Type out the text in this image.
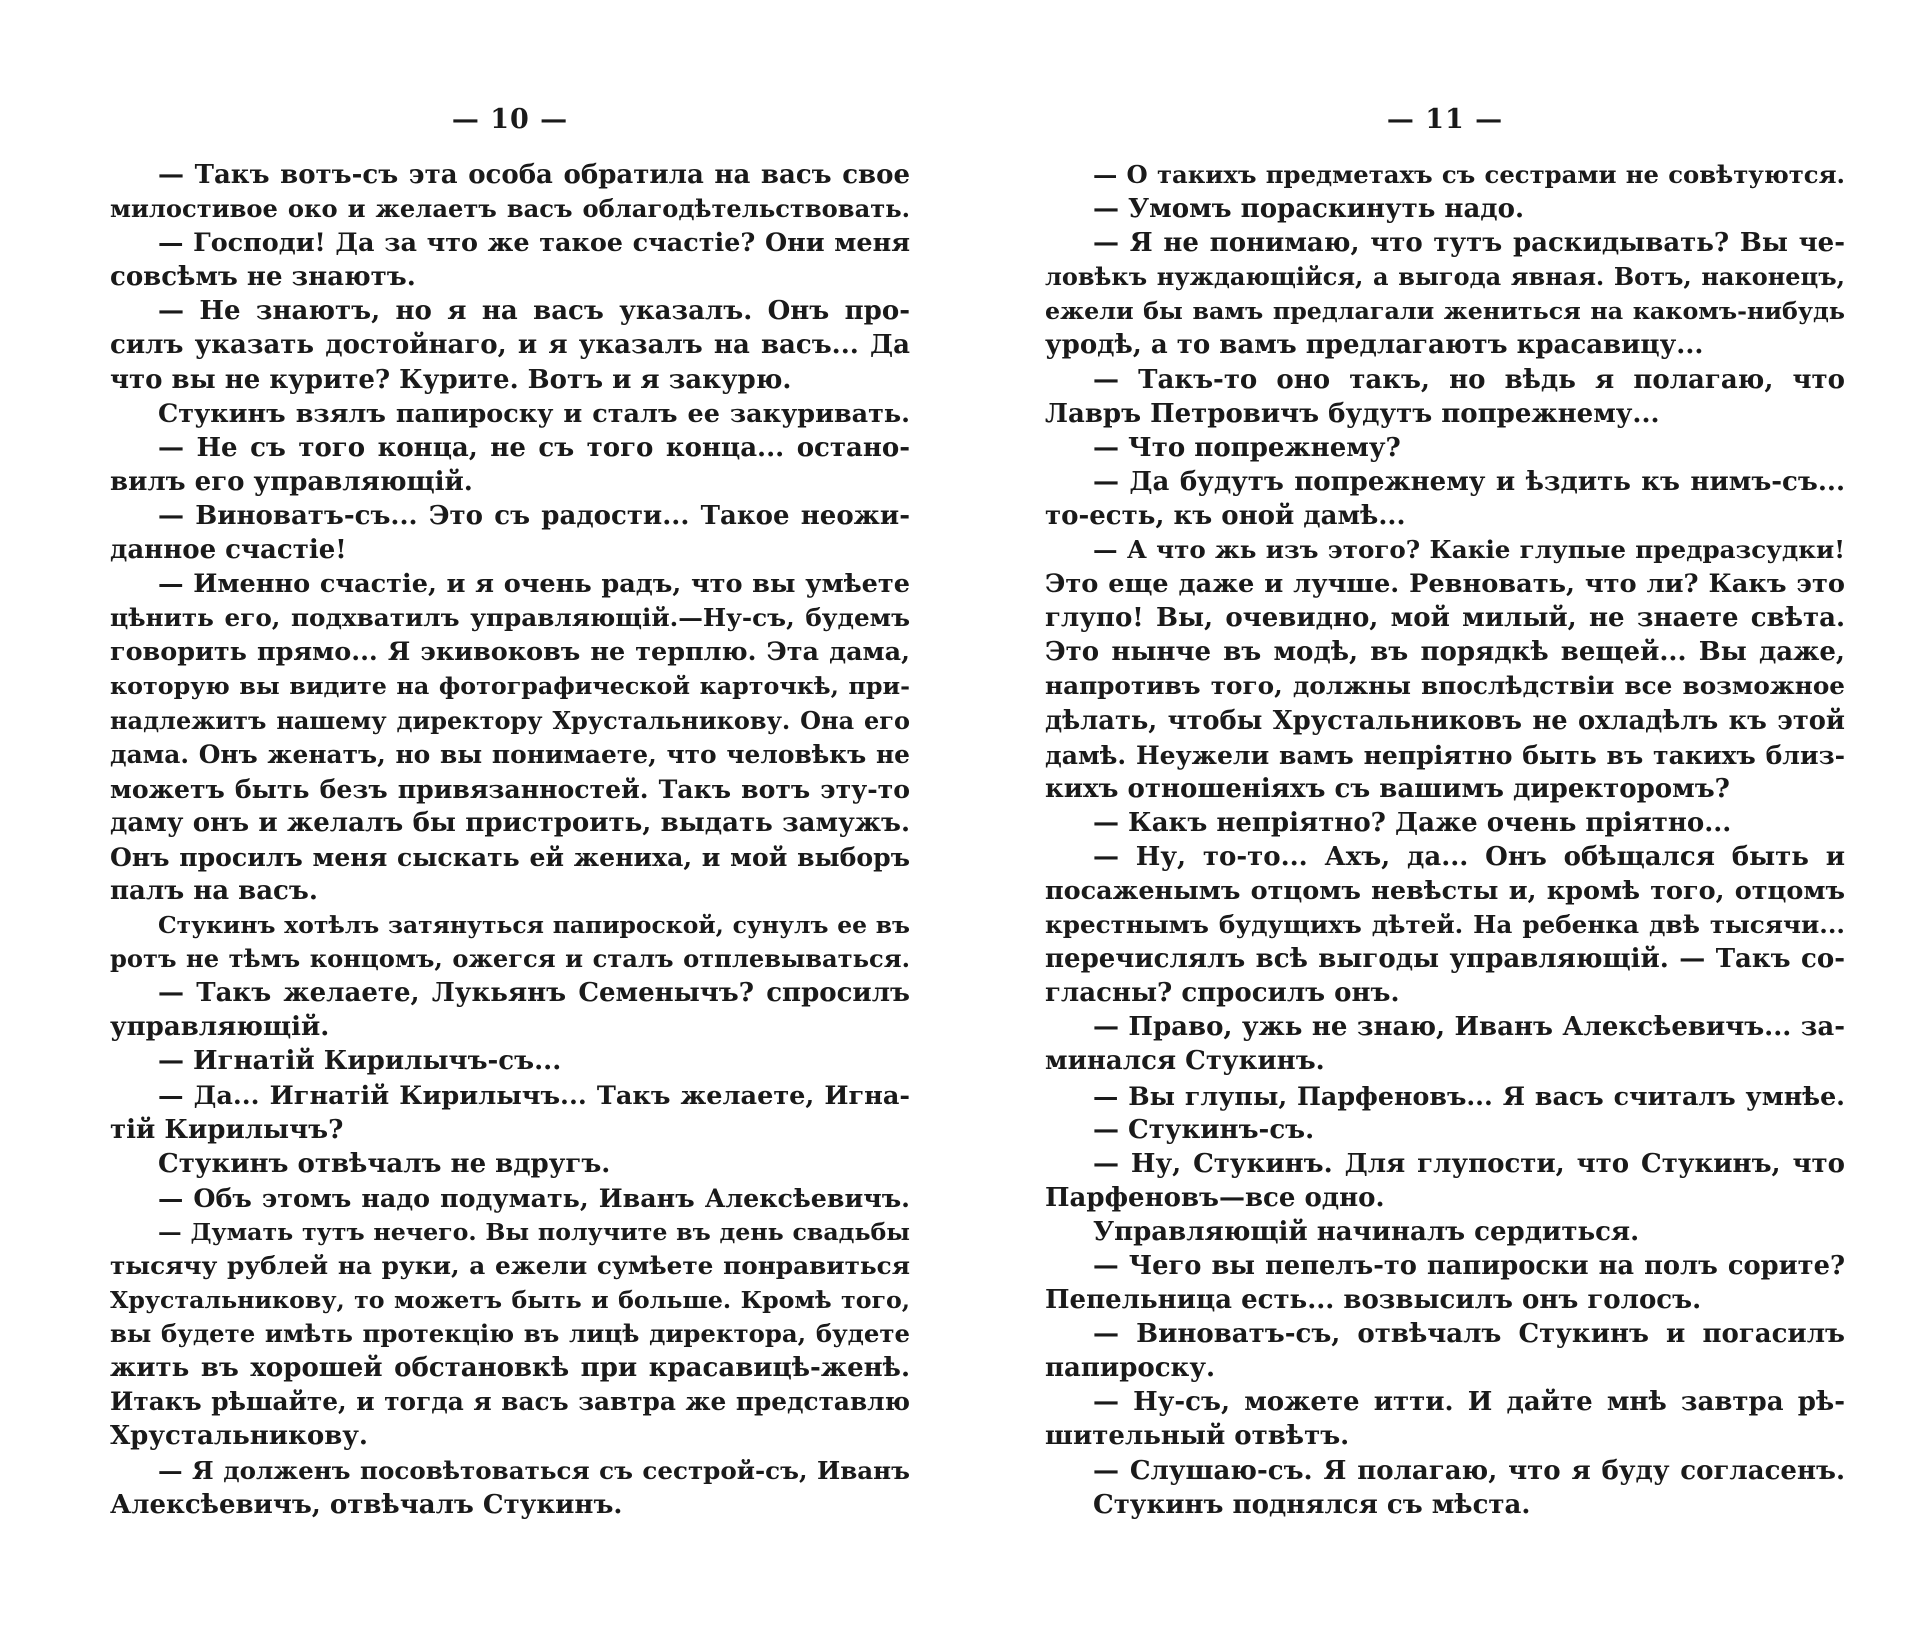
— 10 —
— Такъ вотъ-съ эта особа обратила на васъ свое
милостивое око и желаетъ васъ облагодѣтельствовать.
— Господи! Да за что же такое счастіе? Они меня
совсѣмъ не знаютъ.
— Не знаютъ, но я на васъ указалъ. Онъ про-
силъ указать достойнаго, и я указалъ на васъ... Да
что вы не курите? Курите. Вотъ и я закурю.
Стукинъ взялъ папироску и сталъ ее закуривать.
— Не съ того конца, не съ того конца... остано-
вилъ его управляющій.
— Виноватъ-съ... Это съ радости... Такое неожи-
данное счастіе!
— Именно счастіе, и я очень радъ, что вы умѣете
цѣнить его, подхватилъ управляющій.—Ну-съ, будемъ
говорить прямо... Я экивоковъ не терплю. Эта дама,
которую вы видите на фотографической карточкѣ, при-
надлежитъ нашему директору Хрустальникову. Она его
дама. Онъ женатъ, но вы понимаете, что человѣкъ не
можетъ быть безъ привязанностей. Такъ вотъ эту-то
даму онъ и желалъ бы пристроить, выдать замужъ.
Онъ просилъ меня сыскать ей жениха, и мой выборъ
палъ на васъ.
Стукинъ хотѣлъ затянуться папироской, сунулъ ее въ
ротъ не тѣмъ концомъ, ожегся и сталъ отплевываться.
— Такъ желаете, Лукьянъ Семенычъ? спросилъ
управляющій.
— Игнатій Кирилычъ-съ...
— Да... Игнатій Кирилычъ... Такъ желаете, Игна-
тій Кирилычъ?
Стукинъ отвѣчалъ не вдругъ.
— Объ этомъ надо подумать, Иванъ Алексѣевичъ.
— Думать тутъ нечего. Вы получите въ день свадьбы
тысячу рублей на руки, а ежели сумѣете понравиться
Хрустальникову, то можетъ быть и больше. Кромѣ того,
вы будете имѣть протекцію въ лицѣ директора, будете
жить въ хорошей обстановкѣ при красавицѣ-женѣ.
Итакъ рѣшайте, и тогда я васъ завтра же представлю
Хрустальникову.
— Я долженъ посовѣтоваться съ сестрой-съ, Иванъ
Алексѣевичъ, отвѣчалъ Стукинъ.
— 11 —
— О такихъ предметахъ съ сестрами не совѣтуются.
— Умомъ пораскинуть надо.
— Я не понимаю, что тутъ раскидывать? Вы че-
ловѣкъ нуждающійся, а выгода явная. Вотъ, наконецъ,
ежели бы вамъ предлагали жениться на какомъ-нибудь
уродѣ, а то вамъ предлагаютъ красавицу...
— Такъ-то оно такъ, но вѣдь я полагаю, что
Лавръ Петровичъ будутъ попрежнему...
— Что попрежнему?
— Да будутъ попрежнему и ѣздить къ нимъ-съ...
то-есть, къ оной дамѣ...
— А что жь изъ этого? Какіе глупые предразсудки!
Это еще даже и лучше. Ревновать, что ли? Какъ это
глупо! Вы, очевидно, мой милый, не знаете свѣта.
Это нынче въ модѣ, въ порядкѣ вещей... Вы даже,
напротивъ того, должны впослѣдствіи все возможное
дѣлать, чтобы Хрустальниковъ не охладѣлъ къ этой
дамѣ. Неужели вамъ непріятно быть въ такихъ близ-
кихъ отношеніяхъ съ вашимъ директоромъ?
— Какъ непріятно? Даже очень пріятно...
— Ну, то-то... Ахъ, да... Онъ обѣщался быть и
посаженымъ отцомъ невѣсты и, кромѣ того, отцомъ
крестнымъ будущихъ дѣтей. На ребенка двѣ тысячи...
перечислялъ всѣ выгоды управляющій. — Такъ со-
гласны? спросилъ онъ.
— Право, ужь не знаю, Иванъ Алексѣевичъ... за-
минался Стукинъ.
— Вы глупы, Парфеновъ... Я васъ считалъ умнѣе.
— Стукинъ-съ.
— Ну, Стукинъ. Для глупости, что Стукинъ, что
Парфеновъ—все одно.
Управляющій начиналъ сердиться.
— Чего вы пепелъ-то папироски на полъ сорите?
Пепельница есть... возвысилъ онъ голосъ.
— Виноватъ-съ, отвѣчалъ Стукинъ и погасилъ
папироску.
— Ну-съ, можете итти. И дайте мнѣ завтра рѣ-
шительный отвѣтъ.
— Слушаю-съ. Я полагаю, что я буду согласенъ.
Стукинъ поднялся съ мѣста.
